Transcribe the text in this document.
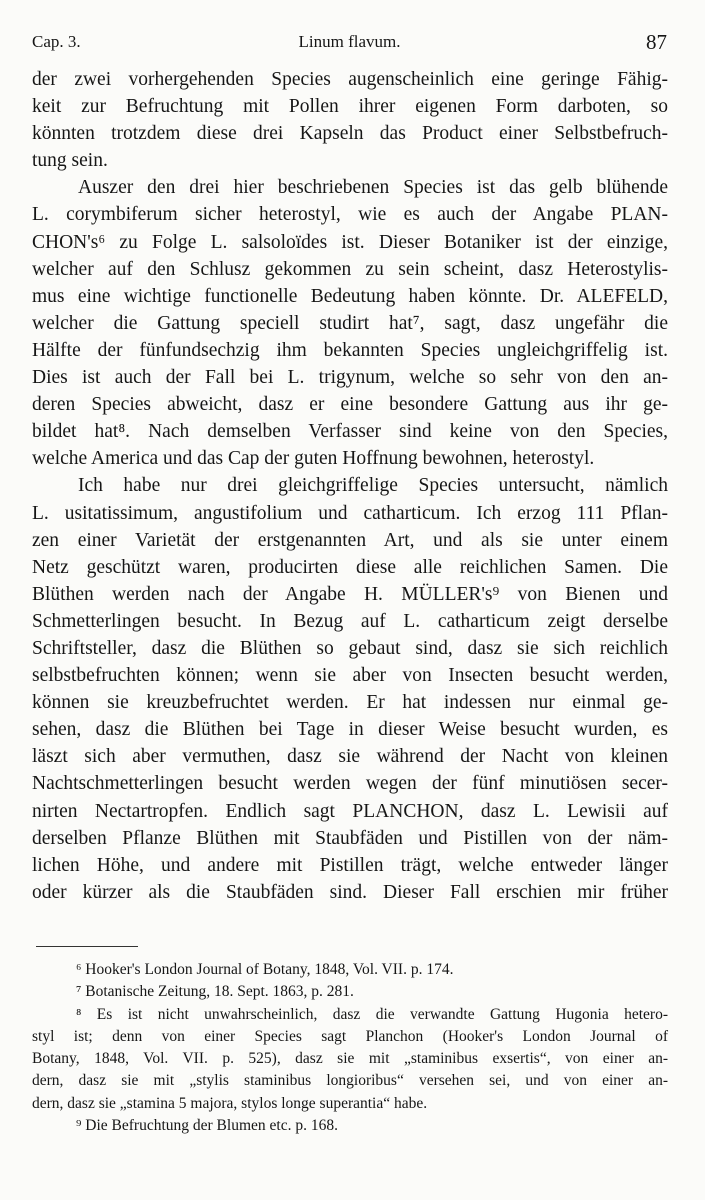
Cap. 3.	Linum flavum.	87
der zwei vorhergehenden Species augenscheinlich eine geringe Fähig-
keit zur Befruchtung mit Pollen ihrer eigenen Form darboten, so
könnten trotzdem diese drei Kapseln das Product einer Selbstbefruch-
tung sein.
Auszer den drei hier beschriebenen Species ist das gelb blühende
L. corymbiferum sicher heterostyl, wie es auch der Angabe PLAN-
CHON's⁶ zu Folge L. salsoloïdes ist. Dieser Botaniker ist der einzige,
welcher auf den Schlusz gekommen zu sein scheint, dasz Heterostylis-
mus eine wichtige functionelle Bedeutung haben könnte. Dr. ALEFELD,
welcher die Gattung speciell studirt hat⁷, sagt, dasz ungefähr die
Hälfte der fünfundsechzig ihm bekannten Species ungleichgriffelig ist.
Dies ist auch der Fall bei L. trigynum, welche so sehr von den an-
deren Species abweicht, dasz er eine besondere Gattung aus ihr ge-
bildet hat⁸. Nach demselben Verfasser sind keine von den Species,
welche America und das Cap der guten Hoffnung bewohnen, heterostyl.
Ich habe nur drei gleichgriffelige Species untersucht, nämlich
L. usitatissimum, angustifolium und catharticum. Ich erzog 111 Pflan-
zen einer Varietät der erstgenannten Art, und als sie unter einem
Netz geschützt waren, producirten diese alle reichlichen Samen. Die
Blüthen werden nach der Angabe H. MÜLLER's⁹ von Bienen und
Schmetterlingen besucht. In Bezug auf L. catharticum zeigt derselbe
Schriftsteller, dasz die Blüthen so gebaut sind, dasz sie sich reichlich
selbstbefruchten können; wenn sie aber von Insecten besucht werden,
können sie kreuzbefruchtet werden. Er hat indessen nur einmal ge-
sehen, dasz die Blüthen bei Tage in dieser Weise besucht wurden, es
läszt sich aber vermuthen, dasz sie während der Nacht von kleinen
Nachtschmetterlingen besucht werden wegen der fünf minutiösen secer-
nirten Nectartropfen. Endlich sagt PLANCHON, dasz L. Lewisii auf
derselben Pflanze Blüthen mit Staubfäden und Pistillen von der näm-
lichen Höhe, und andere mit Pistillen trägt, welche entweder länger
oder kürzer als die Staubfäden sind. Dieser Fall erschien mir früher
⁶ Hooker's London Journal of Botany, 1848, Vol. VII. p. 174.
⁷ Botanische Zeitung, 18. Sept. 1863, p. 281.
⁸ Es ist nicht unwahrscheinlich, dasz die verwandte Gattung Hugonia hetero-
styl ist; denn von einer Species sagt Planchon (Hooker's London Journal of
Botany, 1848, Vol. VII. p. 525), dasz sie mit „staminibus exsertis“, von einer an-
dern, dasz sie mit „stylis staminibus longioribus“ versehen sei, und von einer an-
dern, dasz sie „stamina 5 majora, stylos longe superantia“ habe.
⁹ Die Befruchtung der Blumen etc. p. 168.
